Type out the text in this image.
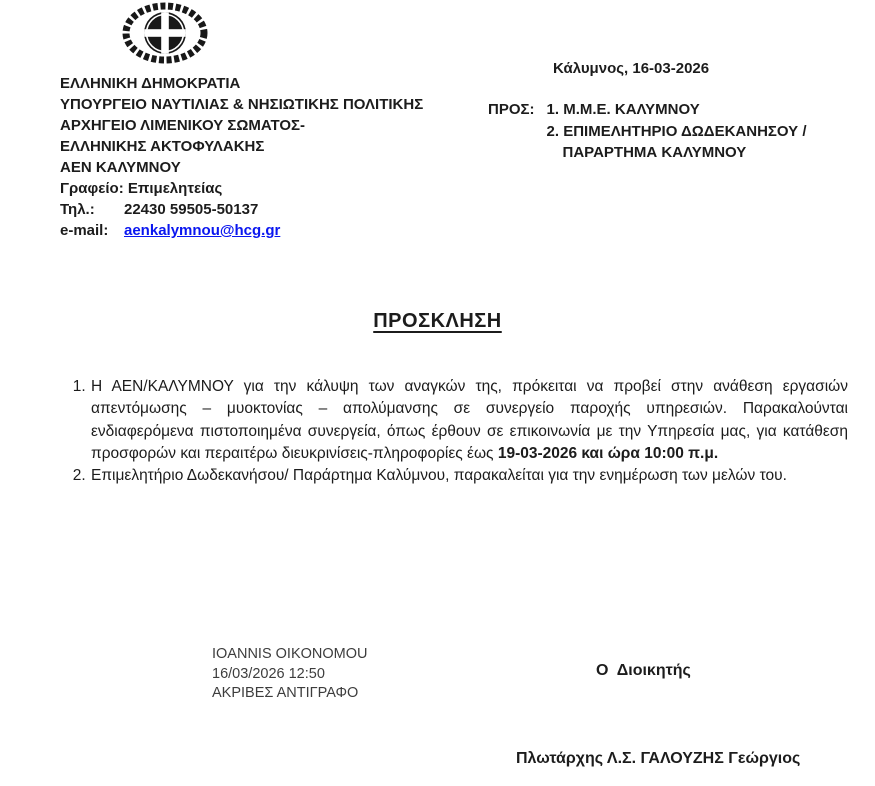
ΕΛΛΗΝΙΚΗ ΔΗΜΟΚΡΑΤΙΑ
ΥΠΟΥΡΓΕΙΟ ΝΑΥΤΙΛΙΑΣ & ΝΗΣΙΩΤΙΚΗΣ ΠΟΛΙΤΙΚΗΣ
ΑΡΧΗΓΕΙΟ ΛΙΜΕΝΙΚΟΥ ΣΩΜΑΤΟΣ-
ΕΛΛΗΝΙΚΗΣ ΑΚΤΟΦΥΛΑΚΗΣ
ΑΕΝ ΚΑΛΥΜΝΟΥ
Γραφείο: Επιμελητείας
Τηλ.:	22430 59505-50137
e-mail:	aenkalymnou@hcg.gr
Κάλυμνος, 16-03-2026
ΠΡΟΣ: 1. Μ.Μ.Ε. ΚΑΛΥΜΝΟΥ
2. ΕΠΙΜΕΛΗΤΗΡΙΟ ΔΩΔΕΚΑΝΗΣΟΥ /
ΠΑΡΑΡΤΗΜΑ ΚΑΛΥΜΝΟΥ
ΠΡΟΣΚΛΗΣΗ
1. Η ΑΕΝ/ΚΑΛΥΜΝΟΥ για την κάλυψη των αναγκών της, πρόκειται να προβεί στην ανάθεση εργασιών απεντόμωσης – μυοκτονίας – απολύμανσης σε συνεργείο παροχής υπηρεσιών. Παρακαλούνται ενδιαφερόμενα πιστοποιημένα συνεργεία, όπως έρθουν σε επικοινωνία με την Υπηρεσία μας, για κατάθεση προσφορών και περαιτέρω διευκρινίσεις-πληροφορίες έως 19-03-2026 και ώρα 10:00 π.μ.
2. Επιμελητήριο Δωδεκανήσου/ Παράρτημα Καλύμνου, παρακαλείται για την ενημέρωση των μελών του.
IOANNIS OIKONOMOU
16/03/2026 12:50
ΑΚΡΙΒΕΣ ΑΝΤΙΓΡΑΦΟ
Ο  Διοικητής
Πλωτάρχης Λ.Σ. ΓΑΛΟΥΖΗΣ Γεώργιος
